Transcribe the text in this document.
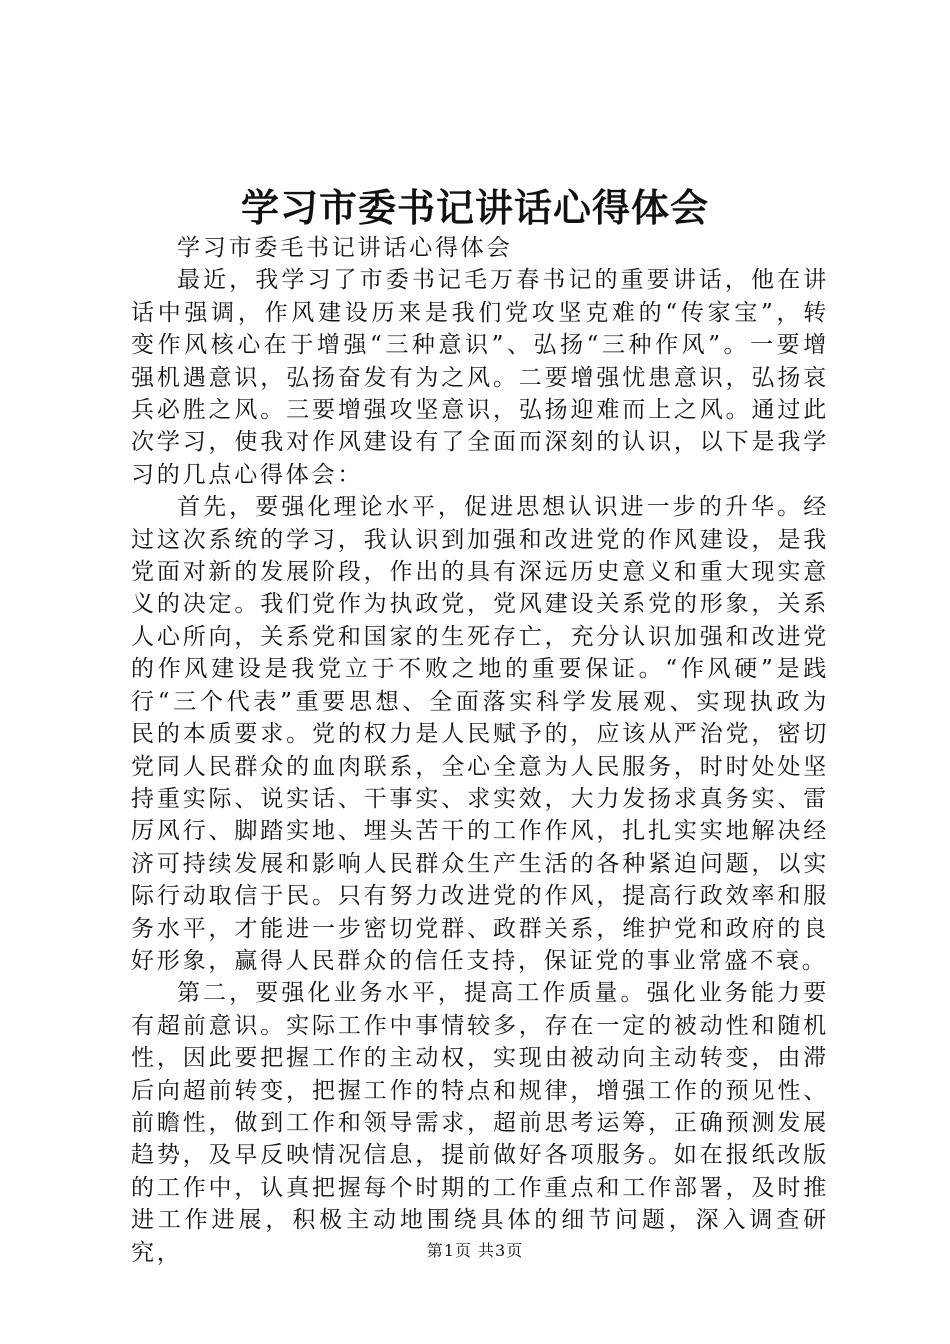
学习市委书记讲话心得体会

学习市委毛书记讲话心得体会

最近，我学习了市委书记毛万春书记的重要讲话，他在讲话中强调，作风建设历来是我们党攻坚克难的“传家宝”，转变作风核心在于增强“三种意识”、弘扬“三种作风”。一要增强机遇意识，弘扬奋发有为之风。二要增强忧患意识，弘扬哀兵必胜之风。三要增强攻坚意识，弘扬迎难而上之风。通过此次学习，使我对作风建设有了全面而深刻的认识，以下是我学习的几点心得体会：

首先，要强化理论水平，促进思想认识进一步的升华。经过这次系统的学习，我认识到加强和改进党的作风建设，是我党面对新的发展阶段，作出的具有深远历史意义和重大现实意义的决定。我们党作为执政党，党风建设关系党的形象，关系人心所向，关系党和国家的生死存亡，充分认识加强和改进党的作风建设是我党立于不败之地的重要保证。“作风硬”是践行“三个代表”重要思想、全面落实科学发展观、实现执政为民的本质要求。党的权力是人民赋予的，应该从严治党，密切党同人民群众的血肉联系，全心全意为人民服务，时时处处坚持重实际、说实话、干事实、求实效，大力发扬求真务实、雷厉风行、脚踏实地、埋头苦干的工作作风，扎扎实实地解决经济可持续发展和影响人民群众生产生活的各种紧迫问题，以实际行动取信于民。只有努力改进党的作风，提高行政效率和服务水平，才能进一步密切党群、政群关系，维护党和政府的良好形象，赢得人民群众的信任支持，保证党的事业常盛不衰。

第二，要强化业务水平，提高工作质量。强化业务能力要有超前意识。实际工作中事情较多，存在一定的被动性和随机性，因此要把握工作的主动权，实现由被动向主动转变，由滞后向超前转变，把握工作的特点和规律，增强工作的预见性、前瞻性，做到工作和领导需求，超前思考运筹，正确预测发展趋势，及早反映情况信息，提前做好各项服务。如在报纸改版的工作中，认真把握每个时期的工作重点和工作部署，及时推进工作进展，积极主动地围绕具体的细节问题，深入调查研究，	第1页 共3页
